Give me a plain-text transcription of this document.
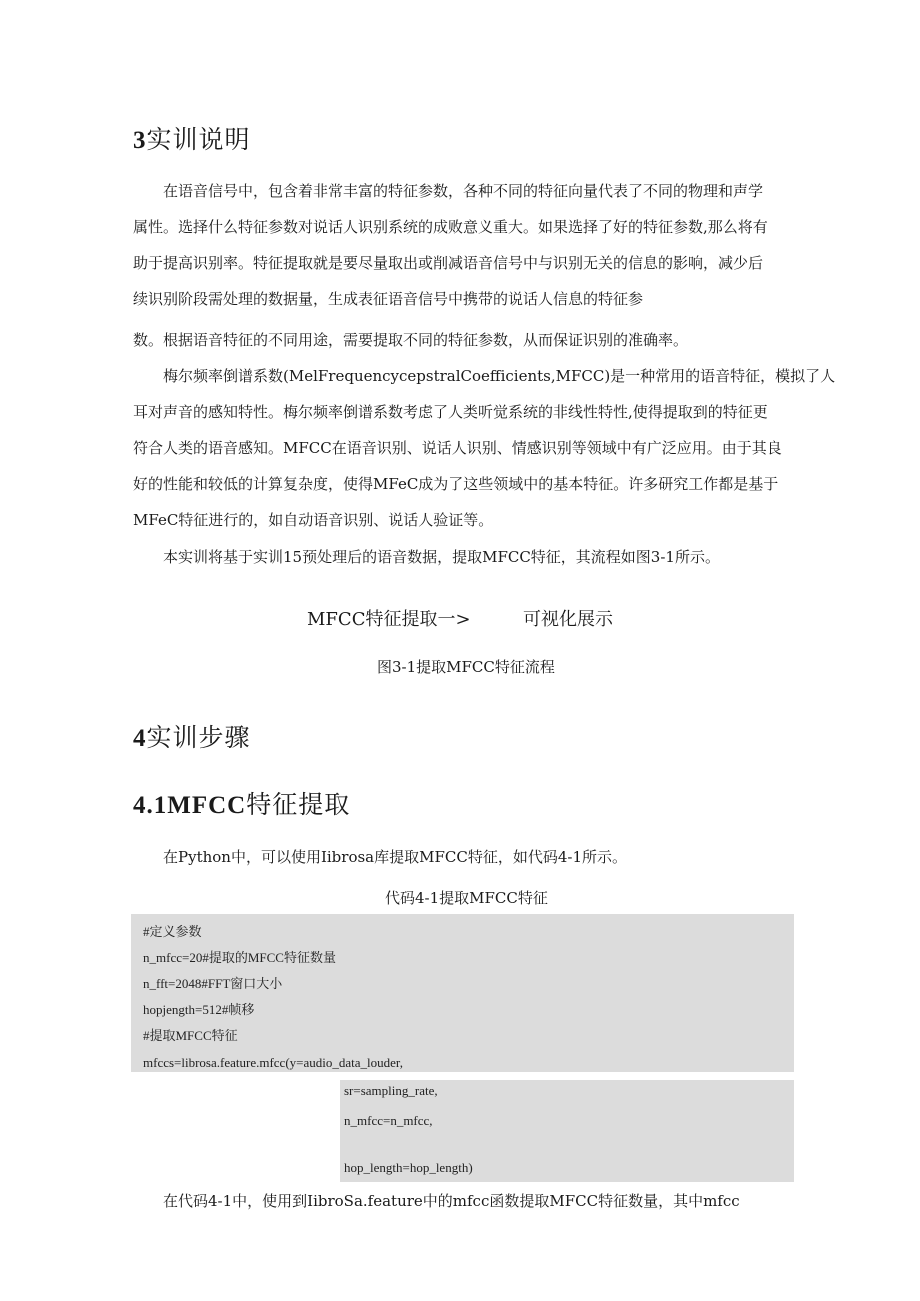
3实训说明
在语音信号中，包含着非常丰富的特征参数，各种不同的特征向量代表了不同的物理和声学
属性。选择什么特征参数对说话人识别系统的成败意义重大。如果选择了好的特征参数,那么将有
助于提高识别率。特征提取就是要尽量取出或削减语音信号中与识别无关的信息的影响，减少后
续识别阶段需处理的数据量，生成表征语音信号中携带的说话人信息的特征参
数。根据语音特征的不同用途，需要提取不同的特征参数，从而保证识别的准确率。
梅尔频率倒谱系数(MelFrequencycepstralCoefficients,MFCC)是一种常用的语音特征，模拟了人
耳对声音的感知特性。梅尔频率倒谱系数考虑了人类听觉系统的非线性特性,使得提取到的特征更
符合人类的语音感知。MFCC在语音识别、说话人识别、情感识别等领域中有广泛应用。由于其良
好的性能和较低的计算复杂度，使得MFeC成为了这些领域中的基本特征。许多研究工作都是基于
MFeC特征进行的，如自动语音识别、说话人验证等。
本实训将基于实训15预处理后的语音数据，提取MFCC特征，其流程如图3-1所示。
MFCC特征提取一>	可视化展示
图3-1提取MFCC特征流程
4实训步骤
4.1MFCC特征提取
在Python中，可以使用Iibrosa库提取MFCC特征，如代码4-1所示。
代码4-1提取MFCC特征
#定义参数
n_mfcc=20#提取的MFCC特征数量
n_fft=2048#FFT窗口大小
hopjength=512#帧移
#提取MFCC特征
mfccs=librosa.feature.mfcc(y=audio_data_louder,
sr=sampling_rate,
n_mfcc=n_mfcc,
hop_length=hop_length)
在代码4-1中，使用到IibroSa.feature中的mfcc函数提取MFCC特征数量，其中mfcc
